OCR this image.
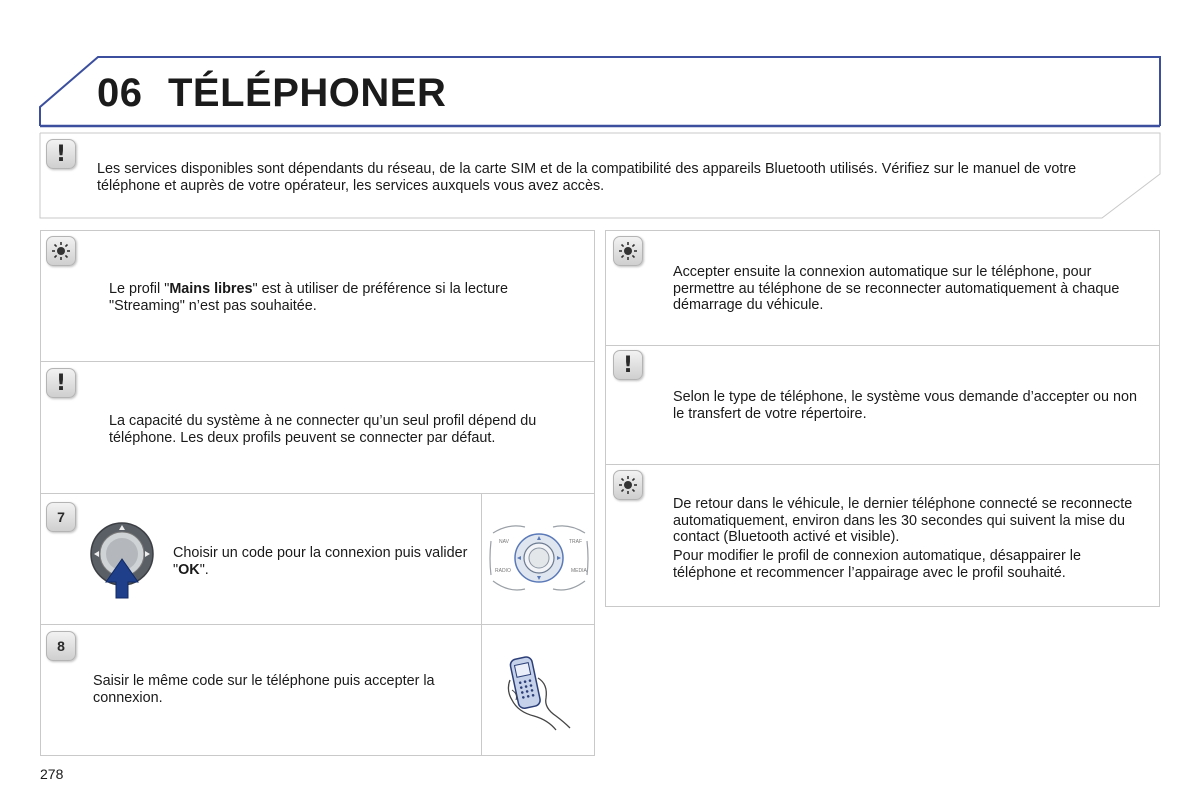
06 TÉLÉPHONER
!
Les services disponibles sont dépendants du réseau, de la carte SIM et de la compatibilité des appareils Bluetooth utilisés. Vérifiez sur le manuel de votre téléphone et auprès de votre opérateur, les services auxquels vous avez accès.
Le profil "Mains libres" est à utiliser de préférence si la lecture "Streaming" n’est pas souhaitée.
!
La capacité du système à ne connecter qu’un seul profil dépend du téléphone. Les deux profils peuvent se connecter par défaut.
7
Choisir un code pour la connexion puis valider "OK".
NAV	TRAF
RADIO	MEDIA
8
Saisir le même code sur le téléphone puis accepter la connexion.
Accepter ensuite la connexion automatique sur le téléphone, pour permettre au téléphone de se reconnecter automatiquement à chaque démarrage du véhicule.
!
Selon le type de téléphone, le système vous demande d’accepter ou non le transfert de votre répertoire.
De retour dans le véhicule, le dernier téléphone connecté se reconnecte automatiquement, environ dans les 30 secondes qui suivent la mise du contact (Bluetooth activé et visible).
Pour modifier le profil de connexion automatique, désappairer le téléphone et recommencer l’appairage avec le profil souhaité.
278
